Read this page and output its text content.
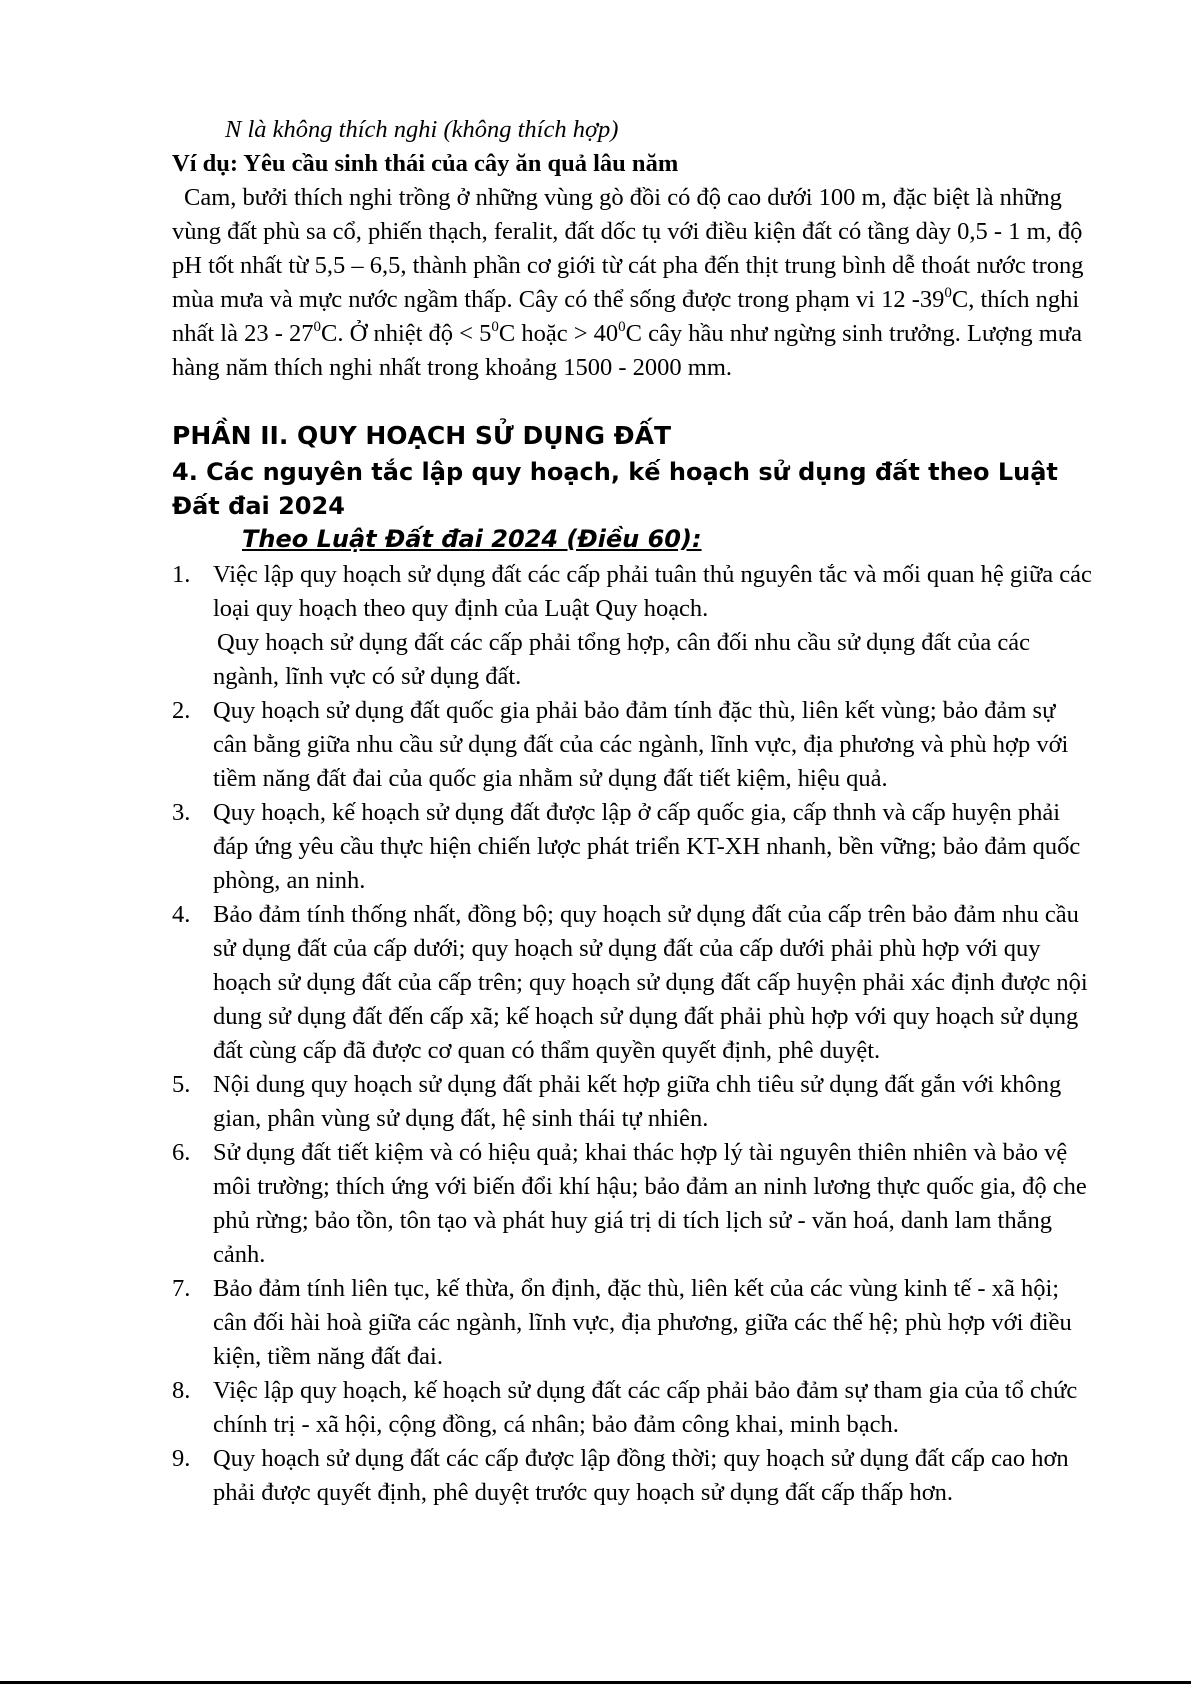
N là không thích nghi (không thích hợp)
Ví dụ: Yêu cầu sinh thái của cây ăn quả lâu năm
Cam, bưởi thích nghi trồng ở những vùng gò đồi có độ cao dưới 100 m, đặc biệt là những vùng đất phù sa cổ, phiến thạch, feralit, đất dốc tụ với điều kiện đất có tầng dày 0,5 - 1 m, độ pH tốt nhất từ 5,5 – 6,5, thành phần cơ giới từ cát pha đến thịt trung bình dễ thoát nước trong mùa mưa và mực nước ngầm thấp. Cây có thể sống được trong phạm vi 12 $-39^0C$, thích nghi nhất là $23 - 27^0C$. Ở nhiệt độ < $5^0C$ hoặc > $40^0C$ cây hầu như ngừng sinh trưởng. Lượng mưa hàng năm thích nghi nhất trong khoảng 1500 - 2000 mm.
PHẦN II. QUY HOẠCH SỬ DỤNG ĐẤT
4. Các nguyên tắc lập quy hoạch, kế hoạch sử dụng đất theo Luật Đất đai 2024
Theo Luật Đất đai 2024 (Điều 60):
1. Việc lập quy hoạch sử dụng đất các cấp phải tuân thủ nguyên tắc và mối quan hệ giữa các loại quy hoạch theo quy định của Luật Quy hoạch.
Quy hoạch sử dụng đất các cấp phải tổng hợp, cân đối nhu cầu sử dụng đất của các ngành, lĩnh vực có sử dụng đất.
2. Quy hoạch sử dụng đất quốc gia phải bảo đảm tính đặc thù, liên kết vùng; bảo đảm sự cân bằng giữa nhu cầu sử dụng đất của các ngành, lĩnh vực, địa phương và phù hợp với tiềm năng đất đai của quốc gia nhằm sử dụng đất tiết kiệm, hiệu quả.
3. Quy hoạch, kế hoạch sử dụng đất được lập ở cấp quốc gia, cấp thnh và cấp huyện phải đáp ứng yêu cầu thực hiện chiến lược phát triển KT-XH nhanh, bền vững; bảo đảm quốc phòng, an ninh.
4. Bảo đảm tính thống nhất, đồng bộ; quy hoạch sử dụng đất của cấp trên bảo đảm nhu cầu sử dụng đất của cấp dưới; quy hoạch sử dụng đất của cấp dưới phải phù hợp với quy hoạch sử dụng đất của cấp trên; quy hoạch sử dụng đất cấp huyện phải xác định được nội dung sử dụng đất đến cấp xã; kế hoạch sử dụng đất phải phù hợp với quy hoạch sử dụng đất cùng cấp đã được cơ quan có thẩm quyền quyết định, phê duyệt.
5. Nội dung quy hoạch sử dụng đất phải kết hợp giữa chh tiêu sử dụng đất gắn với không gian, phân vùng sử dụng đất, hệ sinh thái tự nhiên.
6. Sử dụng đất tiết kiệm và có hiệu quả; khai thác hợp lý tài nguyên thiên nhiên và bảo vệ môi trường; thích ứng với biến đổi khí hậu; bảo đảm an ninh lương thực quốc gia, độ che phủ rừng; bảo tồn, tôn tạo và phát huy giá trị di tích lịch sử - văn hoá, danh lam thắng cảnh.
7. Bảo đảm tính liên tục, kế thừa, ổn định, đặc thù, liên kết của các vùng kinh tế - xã hội; cân đối hài hoà giữa các ngành, lĩnh vực, địa phương, giữa các thế hệ; phù hợp với điều kiện, tiềm năng đất đai.
8. Việc lập quy hoạch, kế hoạch sử dụng đất các cấp phải bảo đảm sự tham gia của tổ chức chính trị - xã hội, cộng đồng, cá nhân; bảo đảm công khai, minh bạch.
9. Quy hoạch sử dụng đất các cấp được lập đồng thời; quy hoạch sử dụng đất cấp cao hơn phải được quyết định, phê duyệt trước quy hoạch sử dụng đất cấp thấp hơn.
